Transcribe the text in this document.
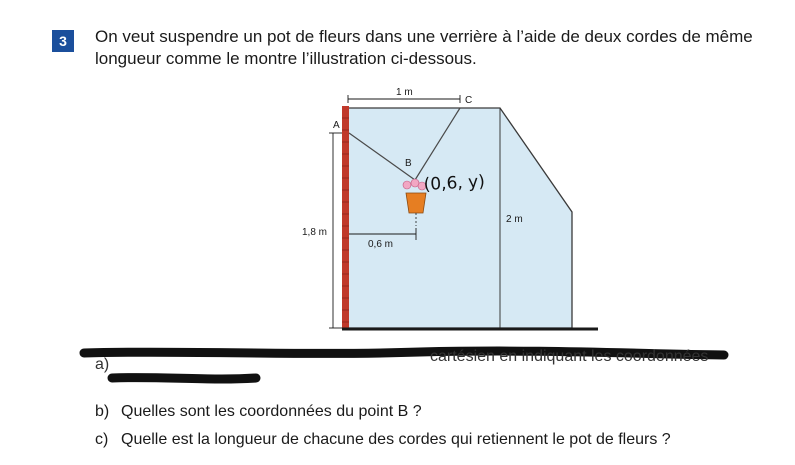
3	On veut suspendre un pot de fleurs dans une verrière à l’aide de deux cordes de même
longueur comme le montre l’illustration ci-dessous.

1 m
C
1,8 m
A
2 m
B
0,6 m
(0,6, y)
a)	cartésien en indiquant les coordonnées
b) Quelles sont les coordonnées du point B ?
c) Quelle est la longueur de chacune des cordes qui retiennent le pot de fleurs ?
